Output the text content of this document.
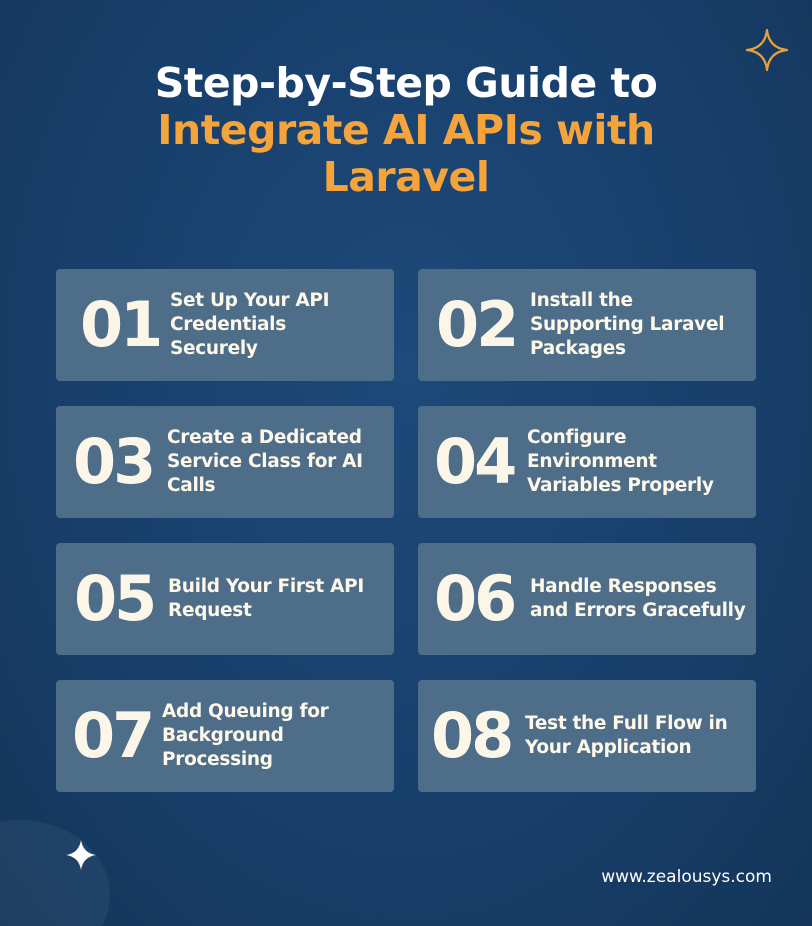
Step-by-Step Guide to
Integrate AI APIs with
Laravel
01 Set Up Your API Credentials Securely	02 Install the Supporting Laravel Packages
03 Create a Dedicated Service Class for AI Calls	04 Configure Environment Variables Properly
05 Build Your First API Request	06 Handle Responses and Errors Gracefully
07 Add Queuing for Background Processing	08 Test the Full Flow in Your Application
www.zealousys.com
